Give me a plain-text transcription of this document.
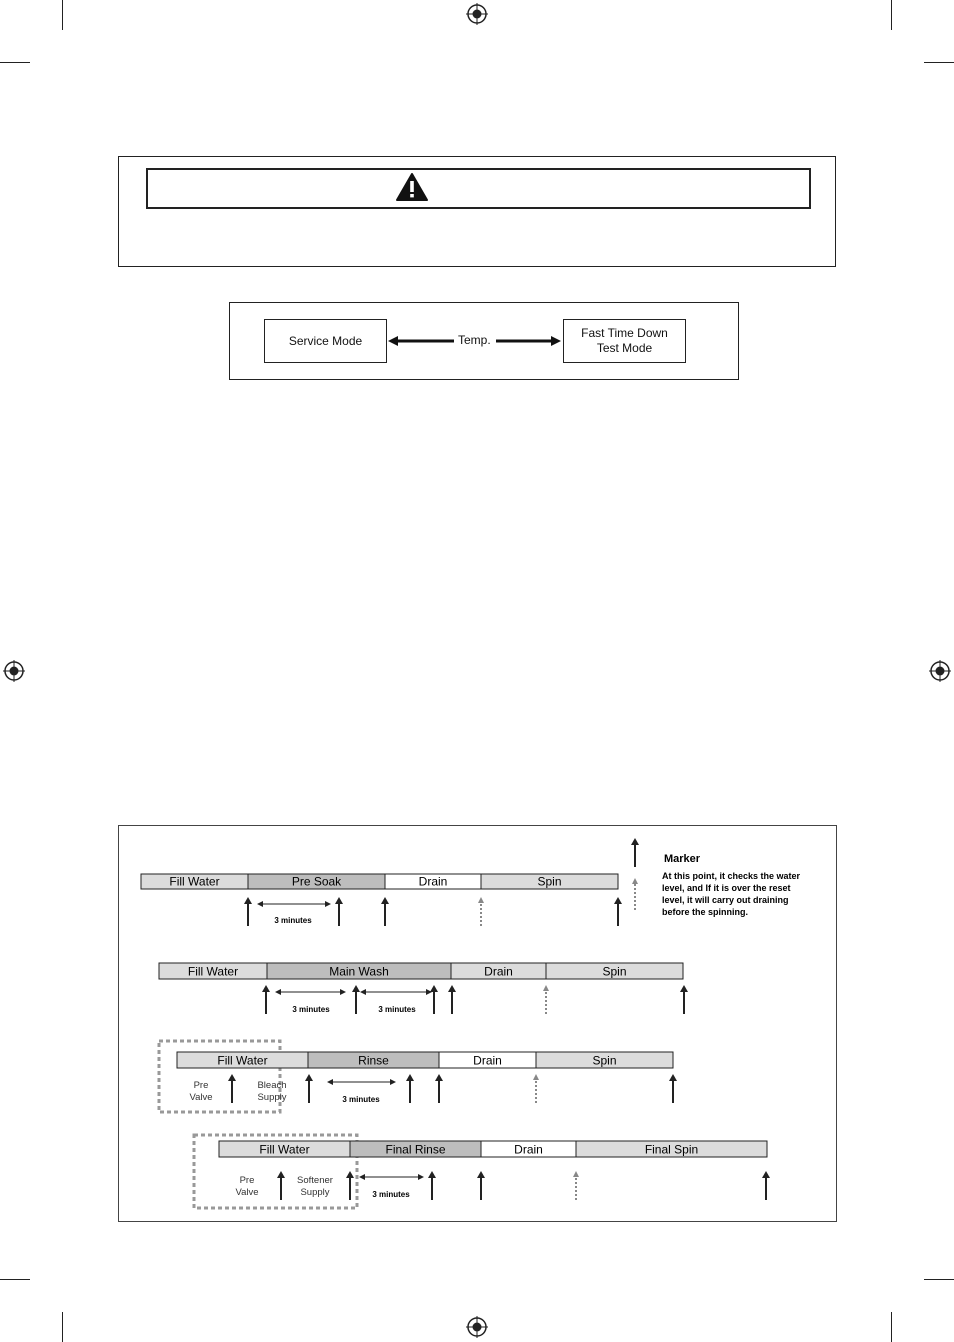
Service Mode
Fast Time Down
Test Mode
Temp.
Fill Water	Pre Soak	Drain	Spin
3 minutes
Fill Water	Main Wash	Drain	Spin
3 minutes	3 minutes
Fill Water	Rinse	Drain	Spin
3 minutes
Pre
Valve
Bleach
Supply
Fill Water	Final Rinse	Drain	Final Spin
3 minutes
Pre
Valve
Softener
Supply
Marker
At this point, it checks the water
level, and If it is over the reset
level, it will carry out draining
before the spinning.
